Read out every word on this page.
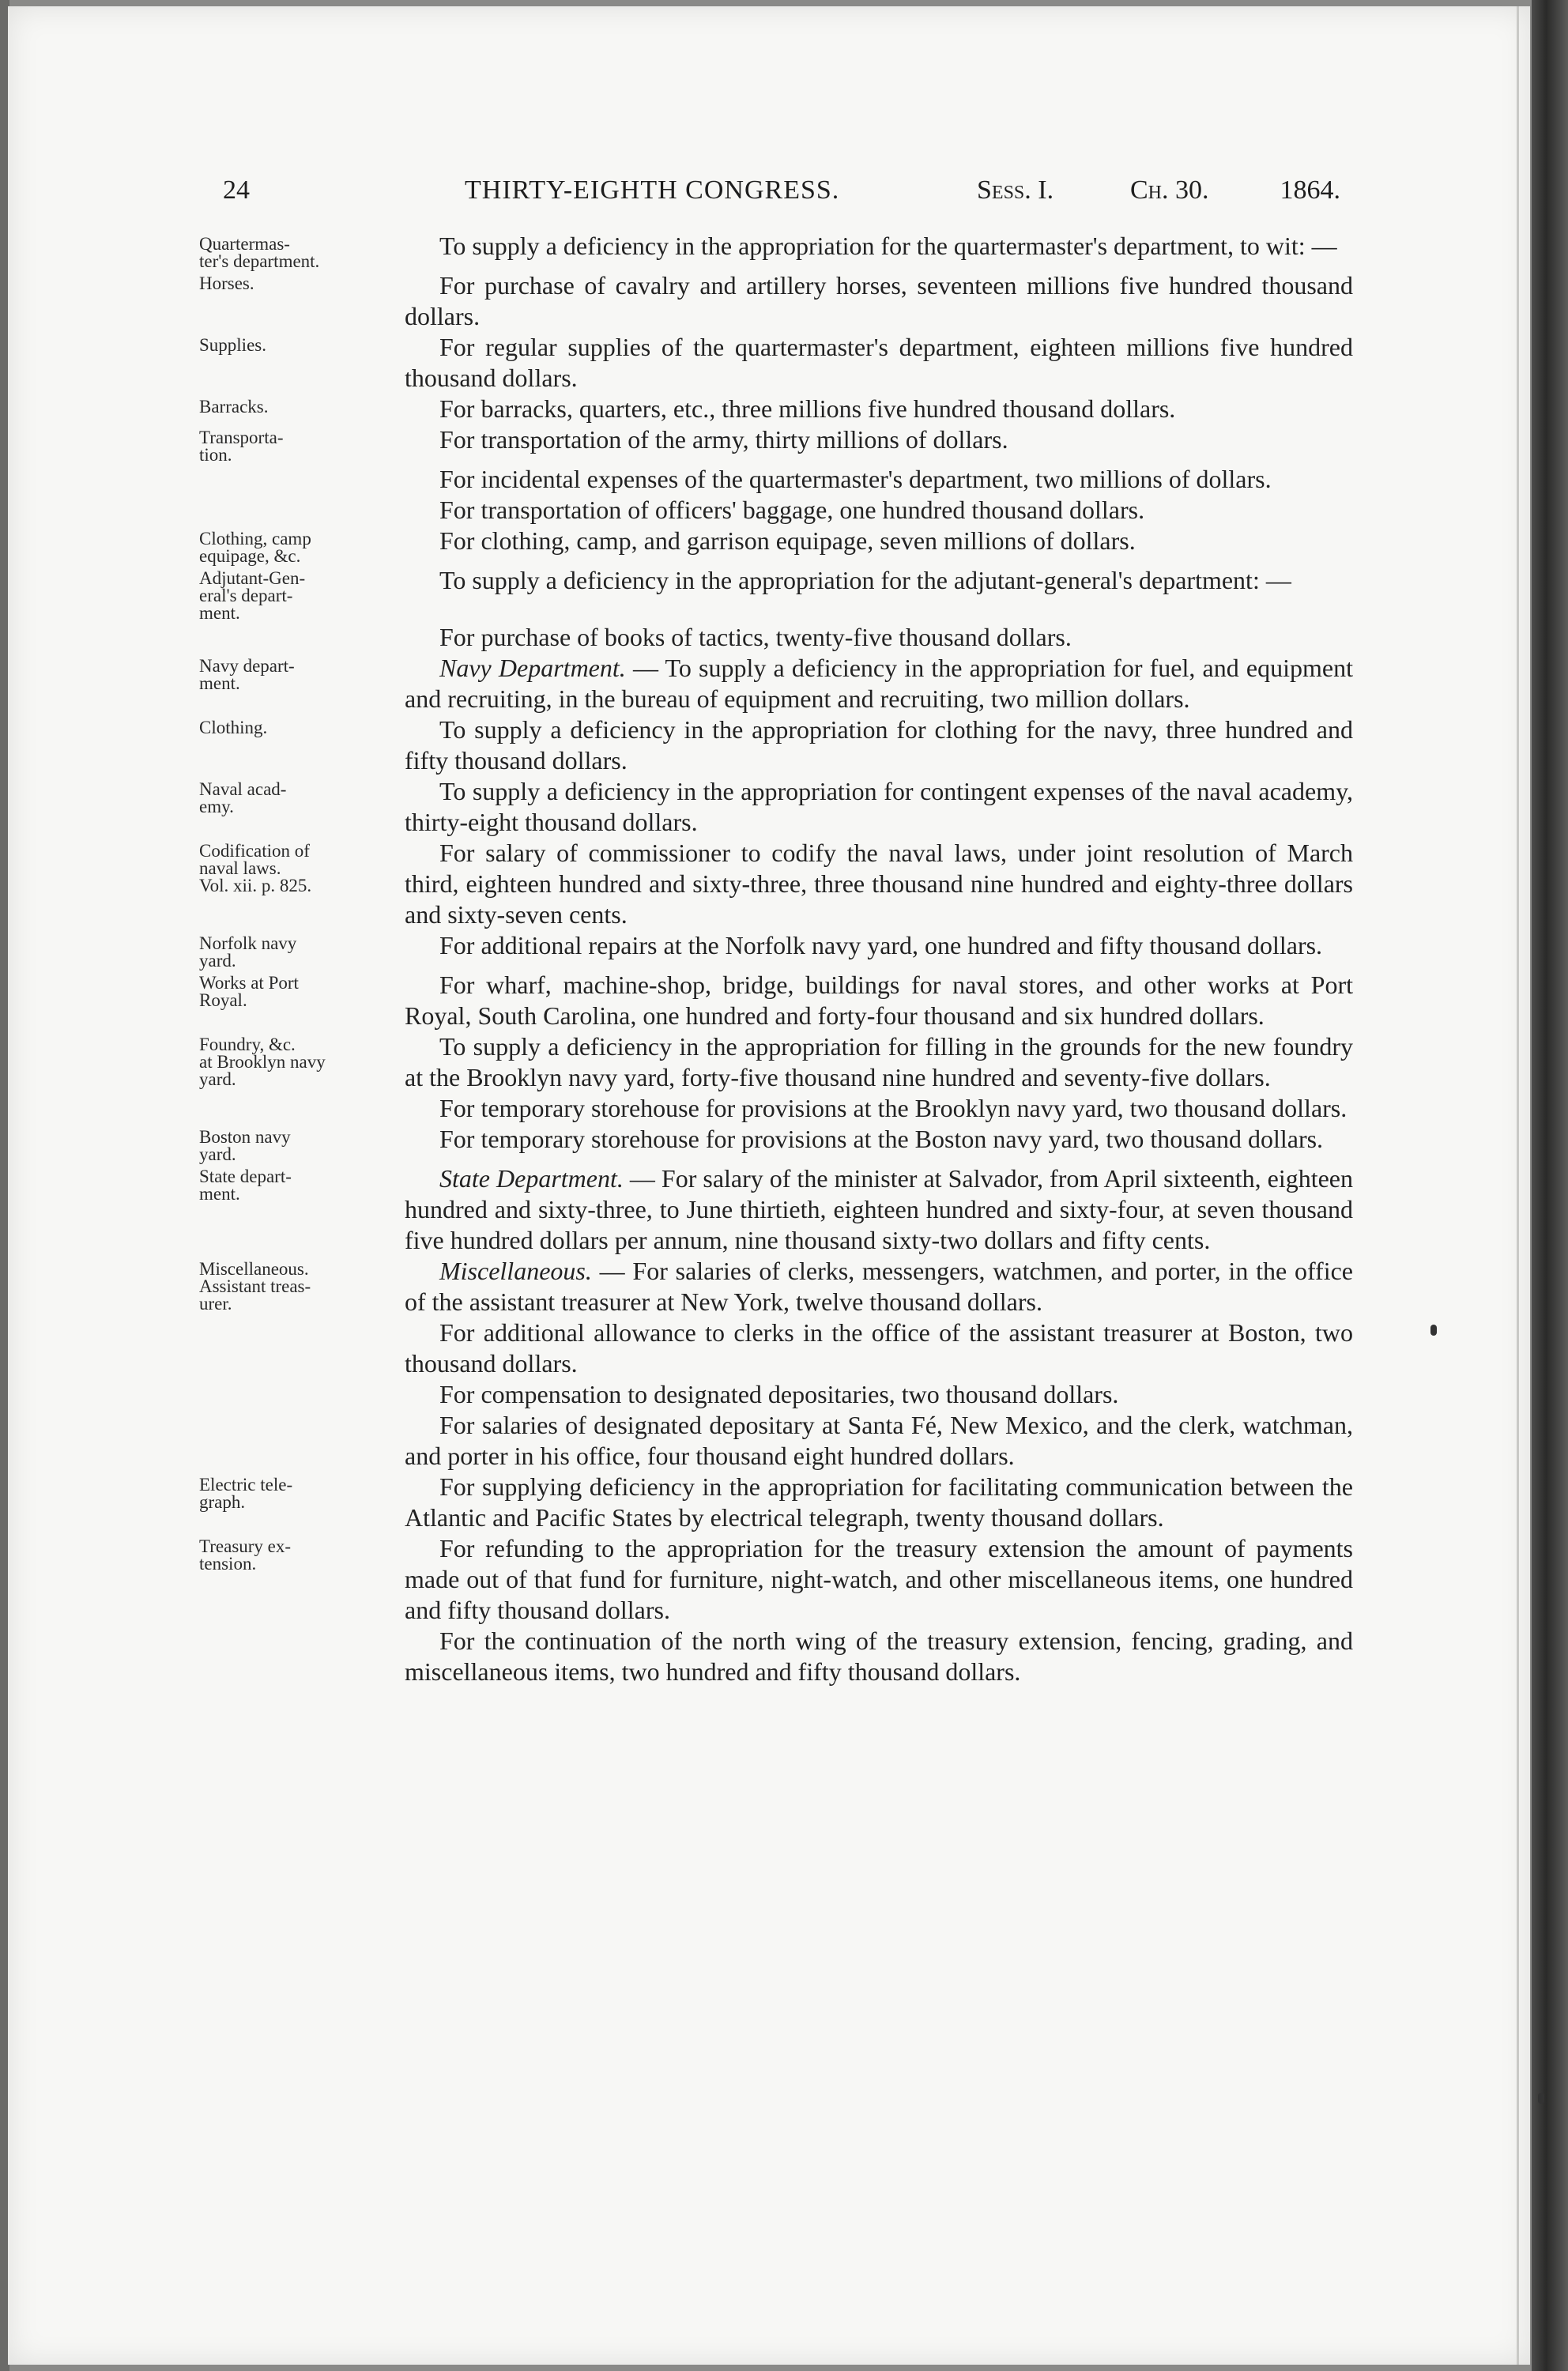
24	THIRTY-EIGHTH CONGRESS.	Sess. I.	Ch. 30.	1864.
Quartermas-
ter's department.

To supply a deficiency in the appropriation for the quartermaster's department, to wit: —

Horses.	For purchase of cavalry and artillery horses, seventeen millions five hundred thousand dollars.

Supplies.	For regular supplies of the quartermaster's department, eighteen millions five hundred thousand dollars.

Barracks.	For barracks, quarters, etc., three millions five hundred thousand dollars.

Transporta-
tion.

For transportation of the army, thirty millions of dollars.

For incidental expenses of the quartermaster's department, two millions of dollars.

For transportation of officers' baggage, one hundred thousand dollars.

Clothing, camp
equipage, &c.

For clothing, camp, and garrison equipage, seven millions of dollars.

Adjutant-Gen-
eral's depart-
ment.

To supply a deficiency in the appropriation for the adjutant-general's department: —

For purchase of books of tactics, twenty-five thousand dollars.

Navy depart-
ment.

Navy Department. — To supply a deficiency in the appropriation for fuel, and equipment and recruiting, in the bureau of equipment and recruiting, two million dollars.

Clothing.	To supply a deficiency in the appropriation for clothing for the navy, three hundred and fifty thousand dollars.

Naval acad-
emy.

To supply a deficiency in the appropriation for contingent expenses of the naval academy, thirty-eight thousand dollars.

Codification of
naval laws.
Vol. xii. p. 825.

For salary of commissioner to codify the naval laws, under joint resolution of March third, eighteen hundred and sixty-three, three thousand nine hundred and eighty-three dollars and sixty-seven cents.

Norfolk navy
yard.

For additional repairs at the Norfolk navy yard, one hundred and fifty thousand dollars.

Works at Port
Royal.

For wharf, machine-shop, bridge, buildings for naval stores, and other works at Port Royal, South Carolina, one hundred and forty-four thousand and six hundred dollars.

Foundry, &c.
at Brooklyn navy
yard.

To supply a deficiency in the appropriation for filling in the grounds for the new foundry at the Brooklyn navy yard, forty-five thousand nine hundred and seventy-five dollars.

For temporary storehouse for provisions at the Brooklyn navy yard, two thousand dollars.

Boston navy
yard.

For temporary storehouse for provisions at the Boston navy yard, two thousand dollars.

State depart-
ment.

State Department. — For salary of the minister at Salvador, from April sixteenth, eighteen hundred and sixty-three, to June thirtieth, eighteen hundred and sixty-four, at seven thousand five hundred dollars per annum, nine thousand sixty-two dollars and fifty cents.

Miscellaneous.
Assistant treas-
urer.

Miscellaneous. — For salaries of clerks, messengers, watchmen, and porter, in the office of the assistant treasurer at New York, twelve thousand dollars.

For additional allowance to clerks in the office of the assistant treasurer at Boston, two thousand dollars.

For compensation to designated depositaries, two thousand dollars.

For salaries of designated depositary at Santa Fé, New Mexico, and the clerk, watchman, and porter in his office, four thousand eight hundred dollars.

Electric tele-
graph.

For supplying deficiency in the appropriation for facilitating communication between the Atlantic and Pacific States by electrical telegraph, twenty thousand dollars.

Treasury ex-
tension.

For refunding to the appropriation for the treasury extension the amount of payments made out of that fund for furniture, night-watch, and other miscellaneous items, one hundred and fifty thousand dollars.

For the continuation of the north wing of the treasury extension, fencing, grading, and miscellaneous items, two hundred and fifty thousand dollars.
